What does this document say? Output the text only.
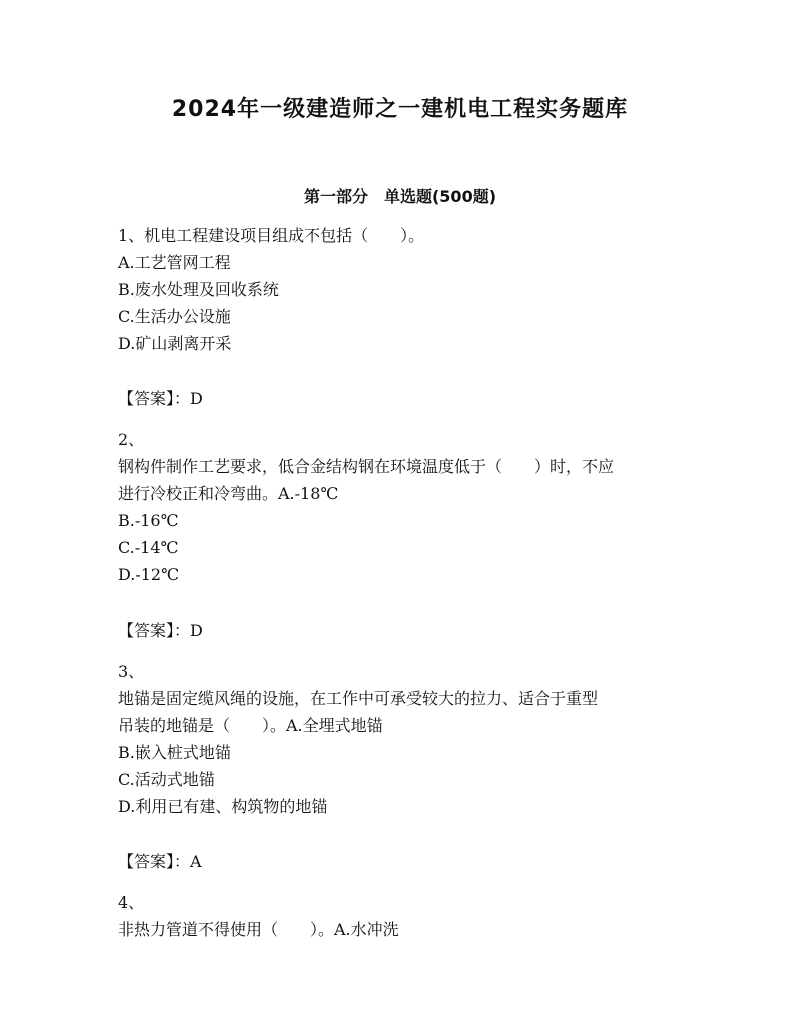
2024年一级建造师之一建机电工程实务题库
第一部分　单选题(500题)
1、机电工程建设项目组成不包括（　　）。
A.工艺管网工程
B.废水处理及回收系统
C.生活办公设施
D.矿山剥离开采
【答案】：D
2、
钢构件制作工艺要求，低合金结构钢在环境温度低于（　　）时，不应
进行冷校正和冷弯曲。A.-18℃
B.-16℃
C.-14℃
D.-12℃
【答案】：D
3、
地锚是固定缆风绳的设施，在工作中可承受较大的拉力、适合于重型
吊装的地锚是（　　）。A.全埋式地锚
B.嵌入桩式地锚
C.活动式地锚
D.利用已有建、构筑物的地锚
【答案】：A
4、
非热力管道不得使用（　　）。A.水冲洗
